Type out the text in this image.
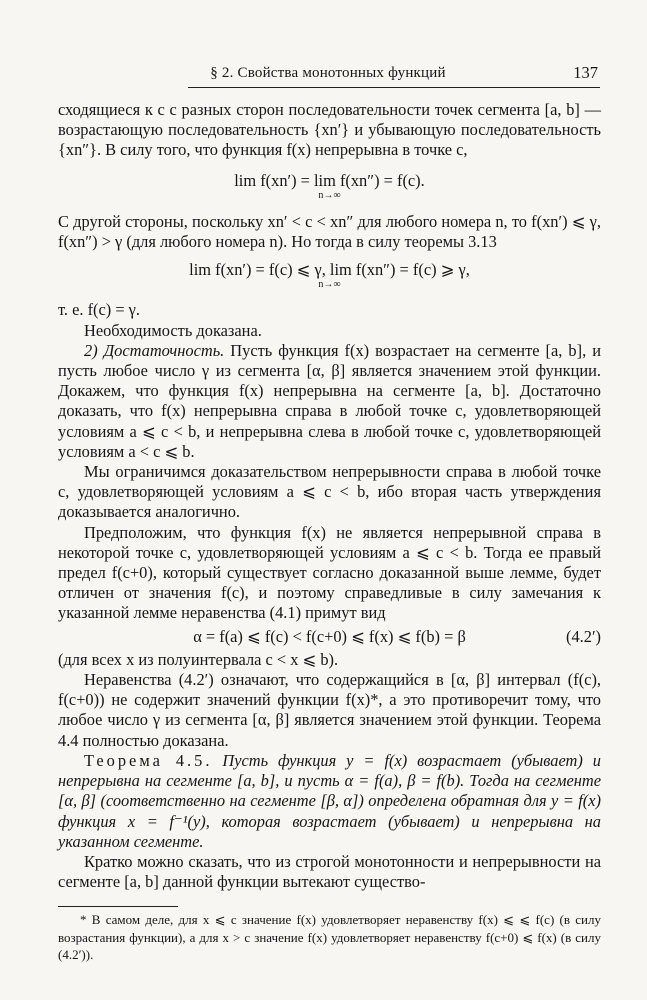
§ 2. Свойства монотонных функций	137

сходящиеся к c с разных сторон последовательности точек сегмента [a, b] — возрастающую последовательность {xn′} и убывающую последовательность {xn″}. В силу того, что функция f(x) непрерывна в точке c,

lim f(xn′) = lim f(xn″) = f(c).
n→∞

С другой стороны, поскольку xn′ < c < xn″ для любого номера n, то f(xn′) ⩽ γ, f(xn″) > γ (для любого номера n). Но тогда в силу теоремы 3.13

lim f(xn′) = f(c) ⩽ γ, lim f(xn″) = f(c) ⩾ γ,
n→∞

т. е. f(c) = γ.

Необходимость доказана.

2) Достаточность. Пусть функция f(x) возрастает на сегменте [a, b], и пусть любое число γ из сегмента [α, β] является значением этой функции. Докажем, что функция f(x) непрерывна на сегменте [a, b]. Достаточно доказать, что f(x) непрерывна справа в любой точке c, удовлетворяющей условиям a ⩽ c < b, и непрерывна слева в любой точке c, удовлетворяющей условиям a < c ⩽ b.

Мы ограничимся доказательством непрерывности справа в любой точке c, удовлетворяющей условиям a ⩽ c < b, ибо вторая часть утверждения доказывается аналогично.

Предположим, что функция f(x) не является непрерывной справа в некоторой точке c, удовлетворяющей условиям a ⩽ c < b. Тогда ее правый предел f(c+0), который существует согласно доказанной выше лемме, будет отличен от значения f(c), и поэтому справедливые в силу замечания к указанной лемме неравенства (4.1) примут вид

α = f(a) ⩽ f(c) < f(c+0) ⩽ f(x) ⩽ f(b) = β	(4.2′)

(для всех x из полуинтервала c < x ⩽ b).

Неравенства (4.2′) означают, что содержащийся в [α, β] интервал (f(c), f(c+0)) не содержит значений функции f(x)*, а это противоречит тому, что любое число γ из сегмента [α, β] является значением этой функции. Теорема 4.4 полностью доказана.

Теорема 4.5. Пусть функция y = f(x) возрастает (убывает) и непрерывна на сегменте [a, b], и пусть α = f(a), β = f(b). Тогда на сегменте [α, β] (соответственно на сегменте [β, α]) определена обратная для y = f(x) функция x = f⁻¹(y), которая возрастает (убывает) и непрерывна на указанном сегменте.

Кратко можно сказать, что из строгой монотонности и непрерывности на сегменте [a, b] данной функции вытекают существо-

* В самом деле, для x ⩽ c значение f(x) удовлетворяет неравенству f(x) ⩽ ⩽ f(c) (в силу возрастания функции), а для x > c значение f(x) удовлетворяет неравенству f(c+0) ⩽ f(x) (в силу (4.2′)).
